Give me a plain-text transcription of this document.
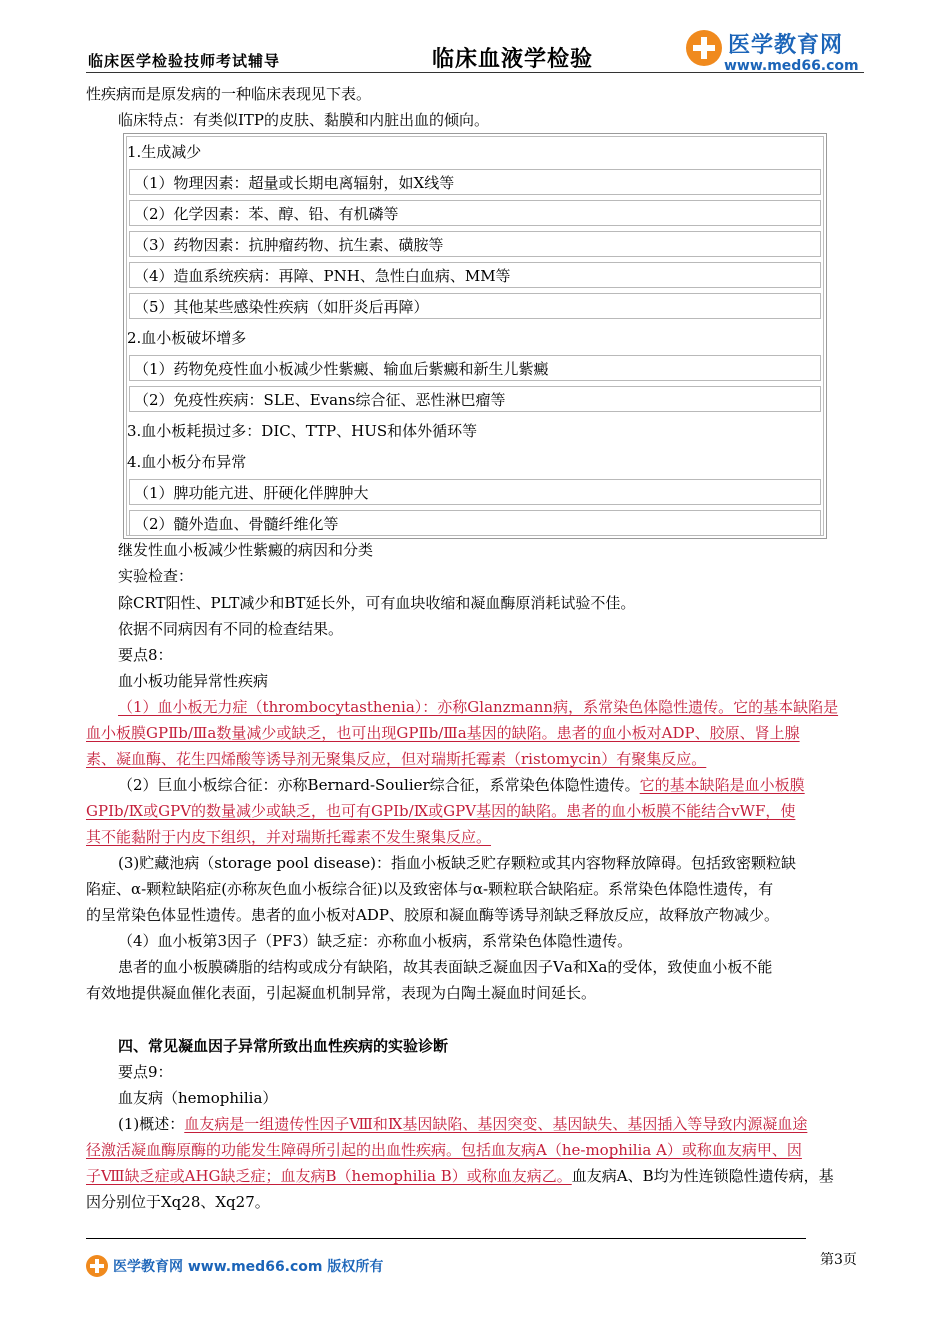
临床医学检验技师考试辅导	临床血液学检验
医学教育网
www.med66.com
性疾病而是原发病的一种临床表现见下表。
临床特点：有类似ITP的皮肤、黏膜和内脏出血的倾向。
1.生成减少
（1）物理因素：超量或长期电离辐射，如X线等
（2）化学因素：苯、醇、铅、有机磷等
（3）药物因素：抗肿瘤药物、抗生素、磺胺等
（4）造血系统疾病：再障、PNH、急性白血病、MM等
（5）其他某些感染性疾病（如肝炎后再障）
2.血小板破坏增多
（1）药物免疫性血小板减少性紫癜、输血后紫癜和新生儿紫癜
（2）免疫性疾病：SLE、Evans综合征、恶性淋巴瘤等
3.血小板耗损过多：DIC、TTP、HUS和体外循环等
4.血小板分布异常
（1）脾功能亢进、肝硬化伴脾肿大
（2）髓外造血、骨髓纤维化等
继发性血小板减少性紫癜的病因和分类
实验检查：
除CRT阳性、PLT减少和BT延长外，可有血块收缩和凝血酶原消耗试验不佳。
依据不同病因有不同的检查结果。
要点8：
血小板功能异常性疾病
（1）血小板无力症（thrombocytasthenia）：亦称Glanzmann病，系常染色体隐性遗传。它的基本缺陷是
血小板膜GPⅡb/Ⅲa数量减少或缺乏，也可出现GPⅡb/Ⅲa基因的缺陷。患者的血小板对ADP、胶原、肾上腺
素、凝血酶、花生四烯酸等诱导剂无聚集反应，但对瑞斯托霉素（ristomycin）有聚集反应。
（2）巨血小板综合征：亦称Bernard-Soulier综合征，系常染色体隐性遗传。它的基本缺陷是血小板膜
GPⅠb/Ⅸ或GPV的数量减少或缺乏，也可有GPⅠb/Ⅸ或GPV基因的缺陷。患者的血小板膜不能结合vWF，使
其不能黏附于内皮下组织，并对瑞斯托霉素不发生聚集反应。
(3)贮藏池病（storage pool disease)：指血小板缺乏贮存颗粒或其内容物释放障碍。包括致密颗粒缺
陷症、α-颗粒缺陷症(亦称灰色血小板综合征)以及致密体与α-颗粒联合缺陷症。系常染色体隐性遗传，有
的呈常染色体显性遗传。患者的血小板对ADP、胶原和凝血酶等诱导剂缺乏释放反应，故释放产物减少。
（4）血小板第3因子（PF3）缺乏症：亦称血小板病，系常染色体隐性遗传。
患者的血小板膜磷脂的结构或成分有缺陷，故其表面缺乏凝血因子Ⅴa和Ⅹa的受体，致使血小板不能
有效地提供凝血催化表面，引起凝血机制异常，表现为白陶土凝血时间延长。
四、常见凝血因子异常所致出血性疾病的实验诊断
要点9：
血友病（hemophilia）
(1)概述：血友病是一组遗传性因子Ⅷ和Ⅸ基因缺陷、基因突变、基因缺失、基因插入等导致内源凝血途
径激活凝血酶原酶的功能发生障碍所引起的出血性疾病。包括血友病A（he-mophilia A）或称血友病甲、因
子Ⅷ缺乏症或AHG缺乏症；血友病B（hemophilia B）或称血友病乙。血友病A、B均为性连锁隐性遗传病，基
因分别位于Xq28、Xq27。
医学教育网 www.med66.com 版权所有	第3页
